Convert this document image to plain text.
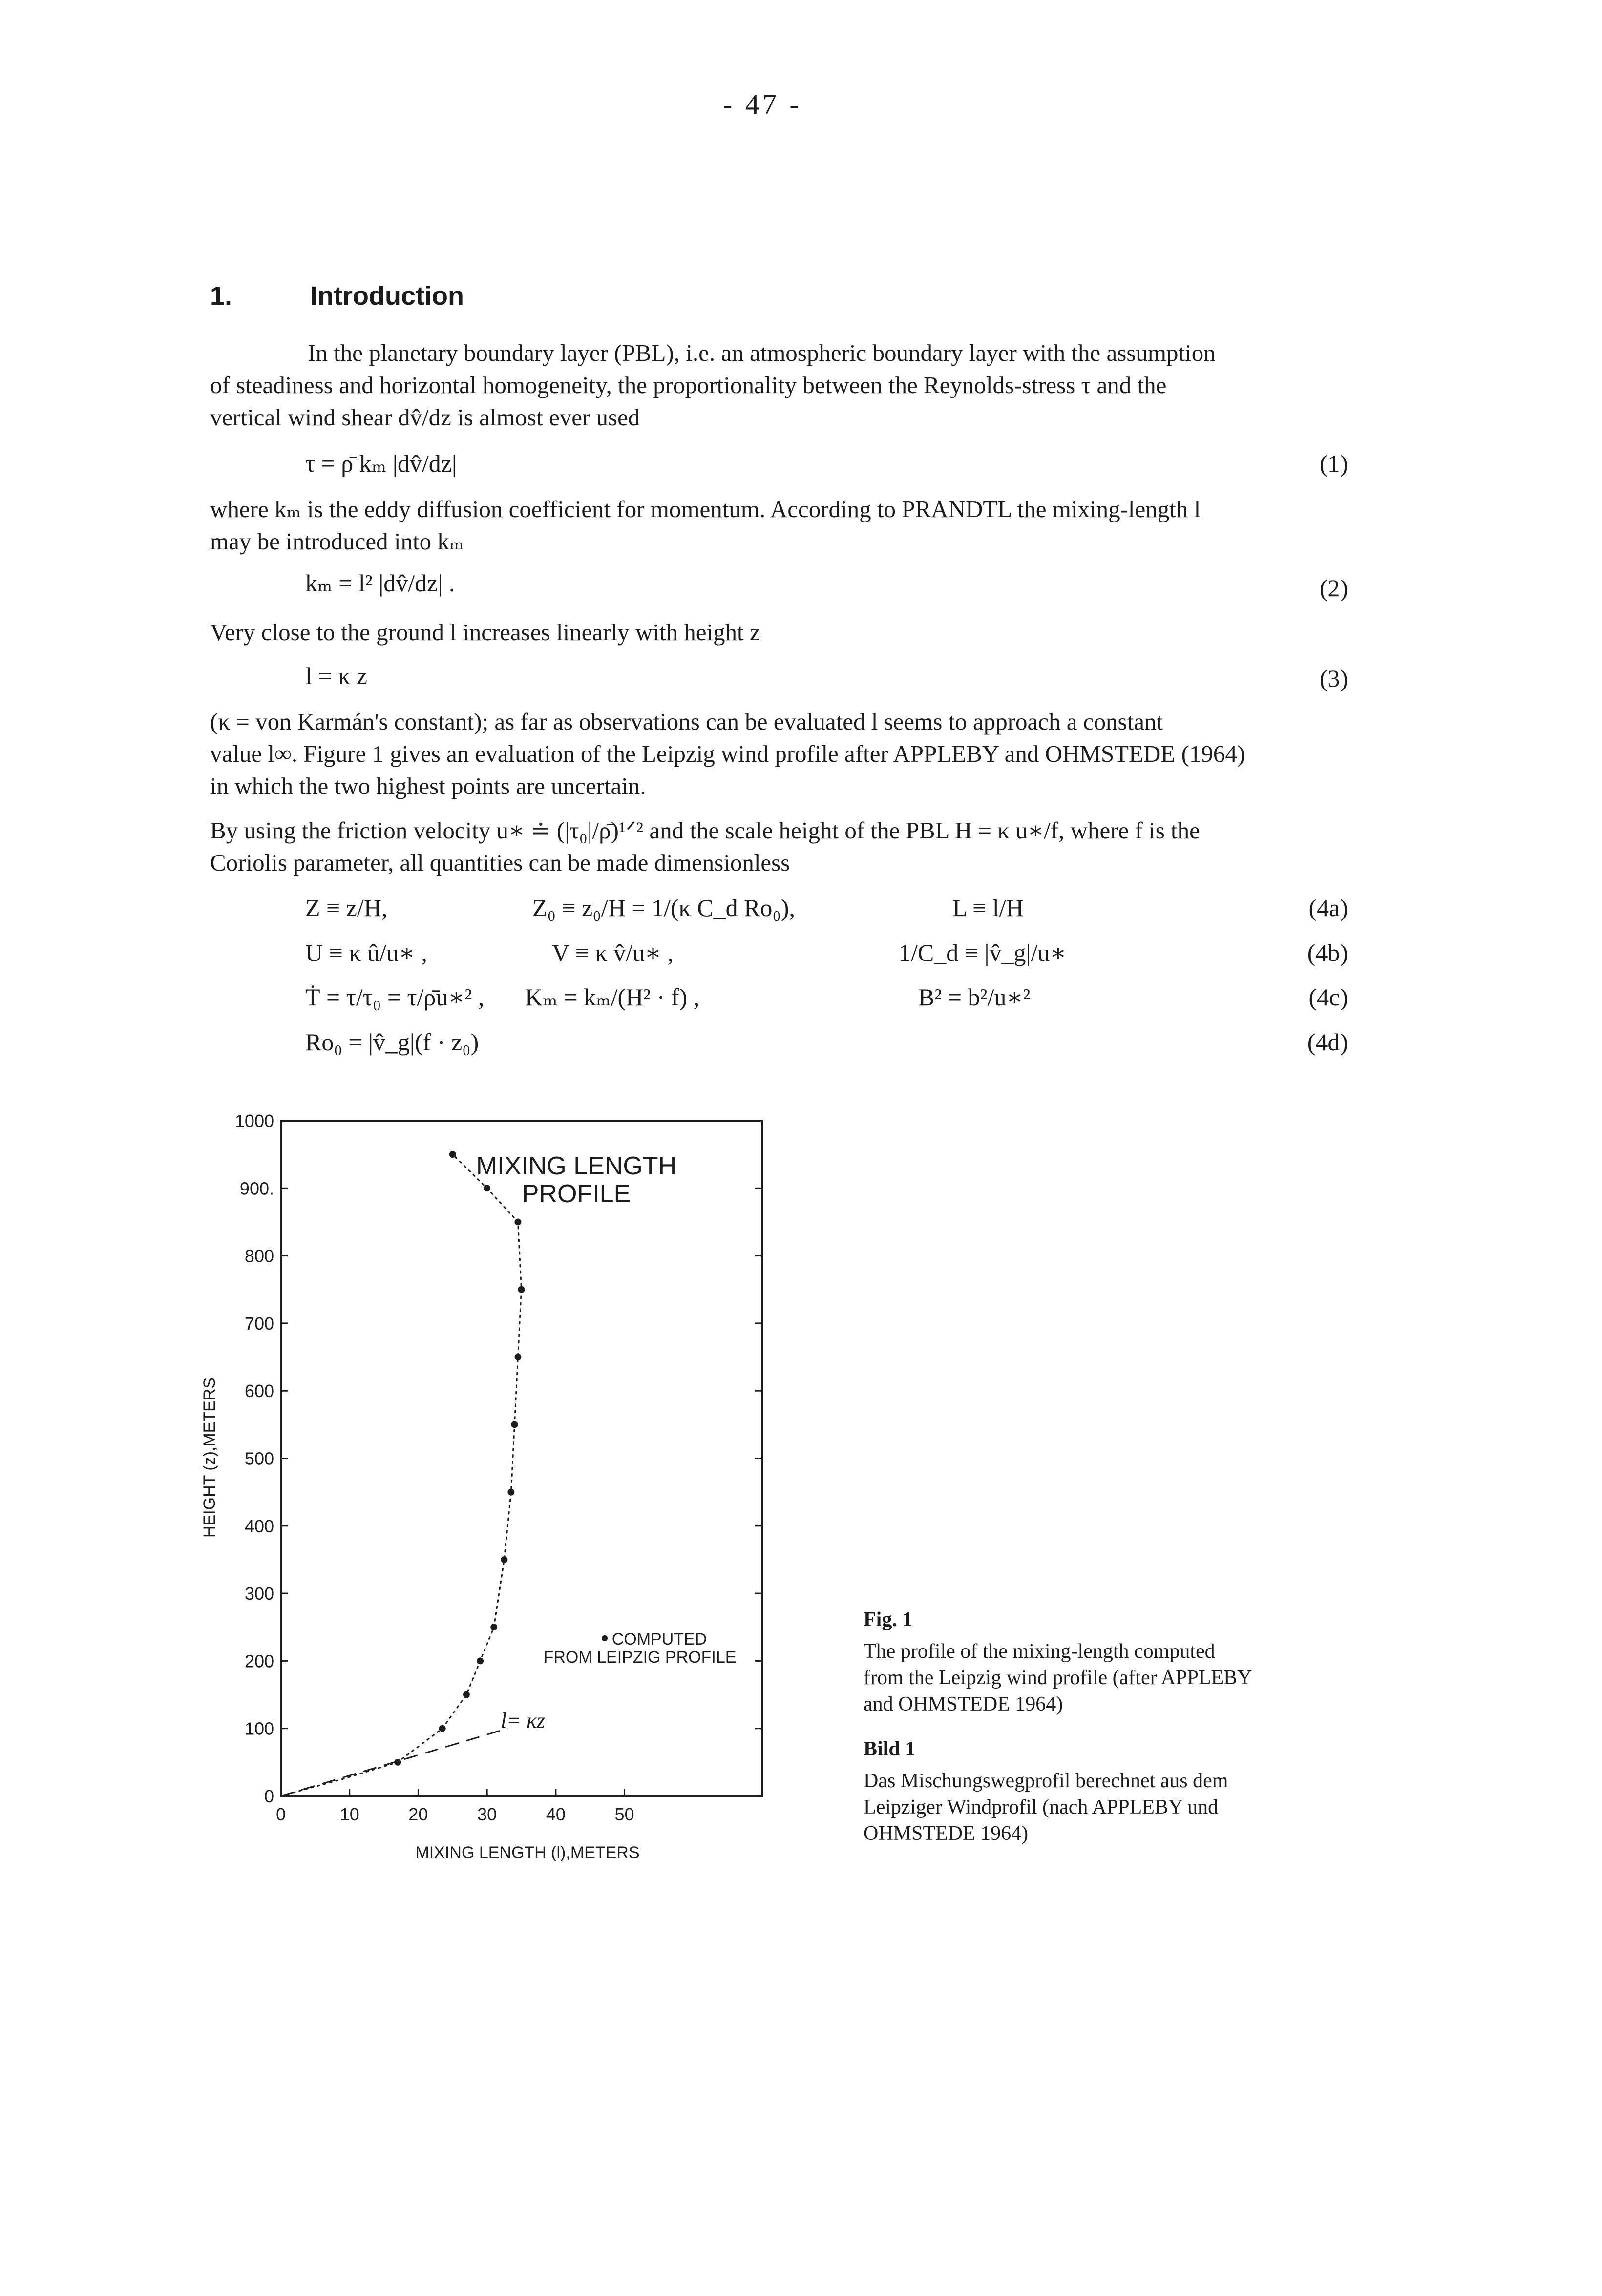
- 47 -
1.	Introduction

In the planetary boundary layer (PBL), i.e. an atmospheric boundary layer with the assumption

of steadiness and horizontal homogeneity, the proportionality between the Reynolds-stress τ and the

vertical wind shear dv̂/dz is almost ever used

τ = ρ̄ kₘ |dv̂/dz|	(1)

where kₘ is the eddy diffusion coefficient for momentum. According to PRANDTL the mixing-length l

may be introduced into kₘ

kₘ = l² |dv̂/dz| .	(2)

Very close to the ground l increases linearly with height z

l = κ z	(3)

(κ = von Karmán's constant); as far as observations can be evaluated l seems to approach a constant

value l∞. Figure 1 gives an evaluation of the Leipzig wind profile after APPLEBY and OHMSTEDE (1964)

in which the two highest points are uncertain.

By using the friction velocity u∗ ≐ (|τ₀|/ρ̄)¹ᐟ² and the scale height of the PBL H = κ u∗/f, where f is the

Coriolis parameter, all quantities can be made dimensionless

Z ≡ z/H,	Z₀ ≡ z₀/H = 1/(κ C_d Ro₀),	L ≡ l/H	(4a)
U ≡ κ û/u∗ ,	V ≡ κ v̂/u∗ ,	1/C_d ≡ |v̂_g|/u∗	(4b)
Ṫ = τ/τ₀ = τ/ρ̄u∗² , Kₘ = kₘ/(H² · f) ,	B² = b²/u∗²	(4c)
Ro₀ = |v̂_g|(f · z₀)	(4d)
0
100
200
300
400
500
600
700
800
900.
1000
0	10	20	30	40	50
MIXING LENGTH
PROFILE
COMPUTED
FROM LEIPZIG PROFILE
l= κz
MIXING LENGTH (l),METERS
HEIGHT (z),METERS
Fig. 1
The profile of the mixing-length computed
from the Leipzig wind profile (after APPLEBY
and OHMSTEDE 1964)
Bild 1
Das Mischungswegprofil berechnet aus dem
Leipziger Windprofil (nach APPLEBY und
OHMSTEDE 1964)
